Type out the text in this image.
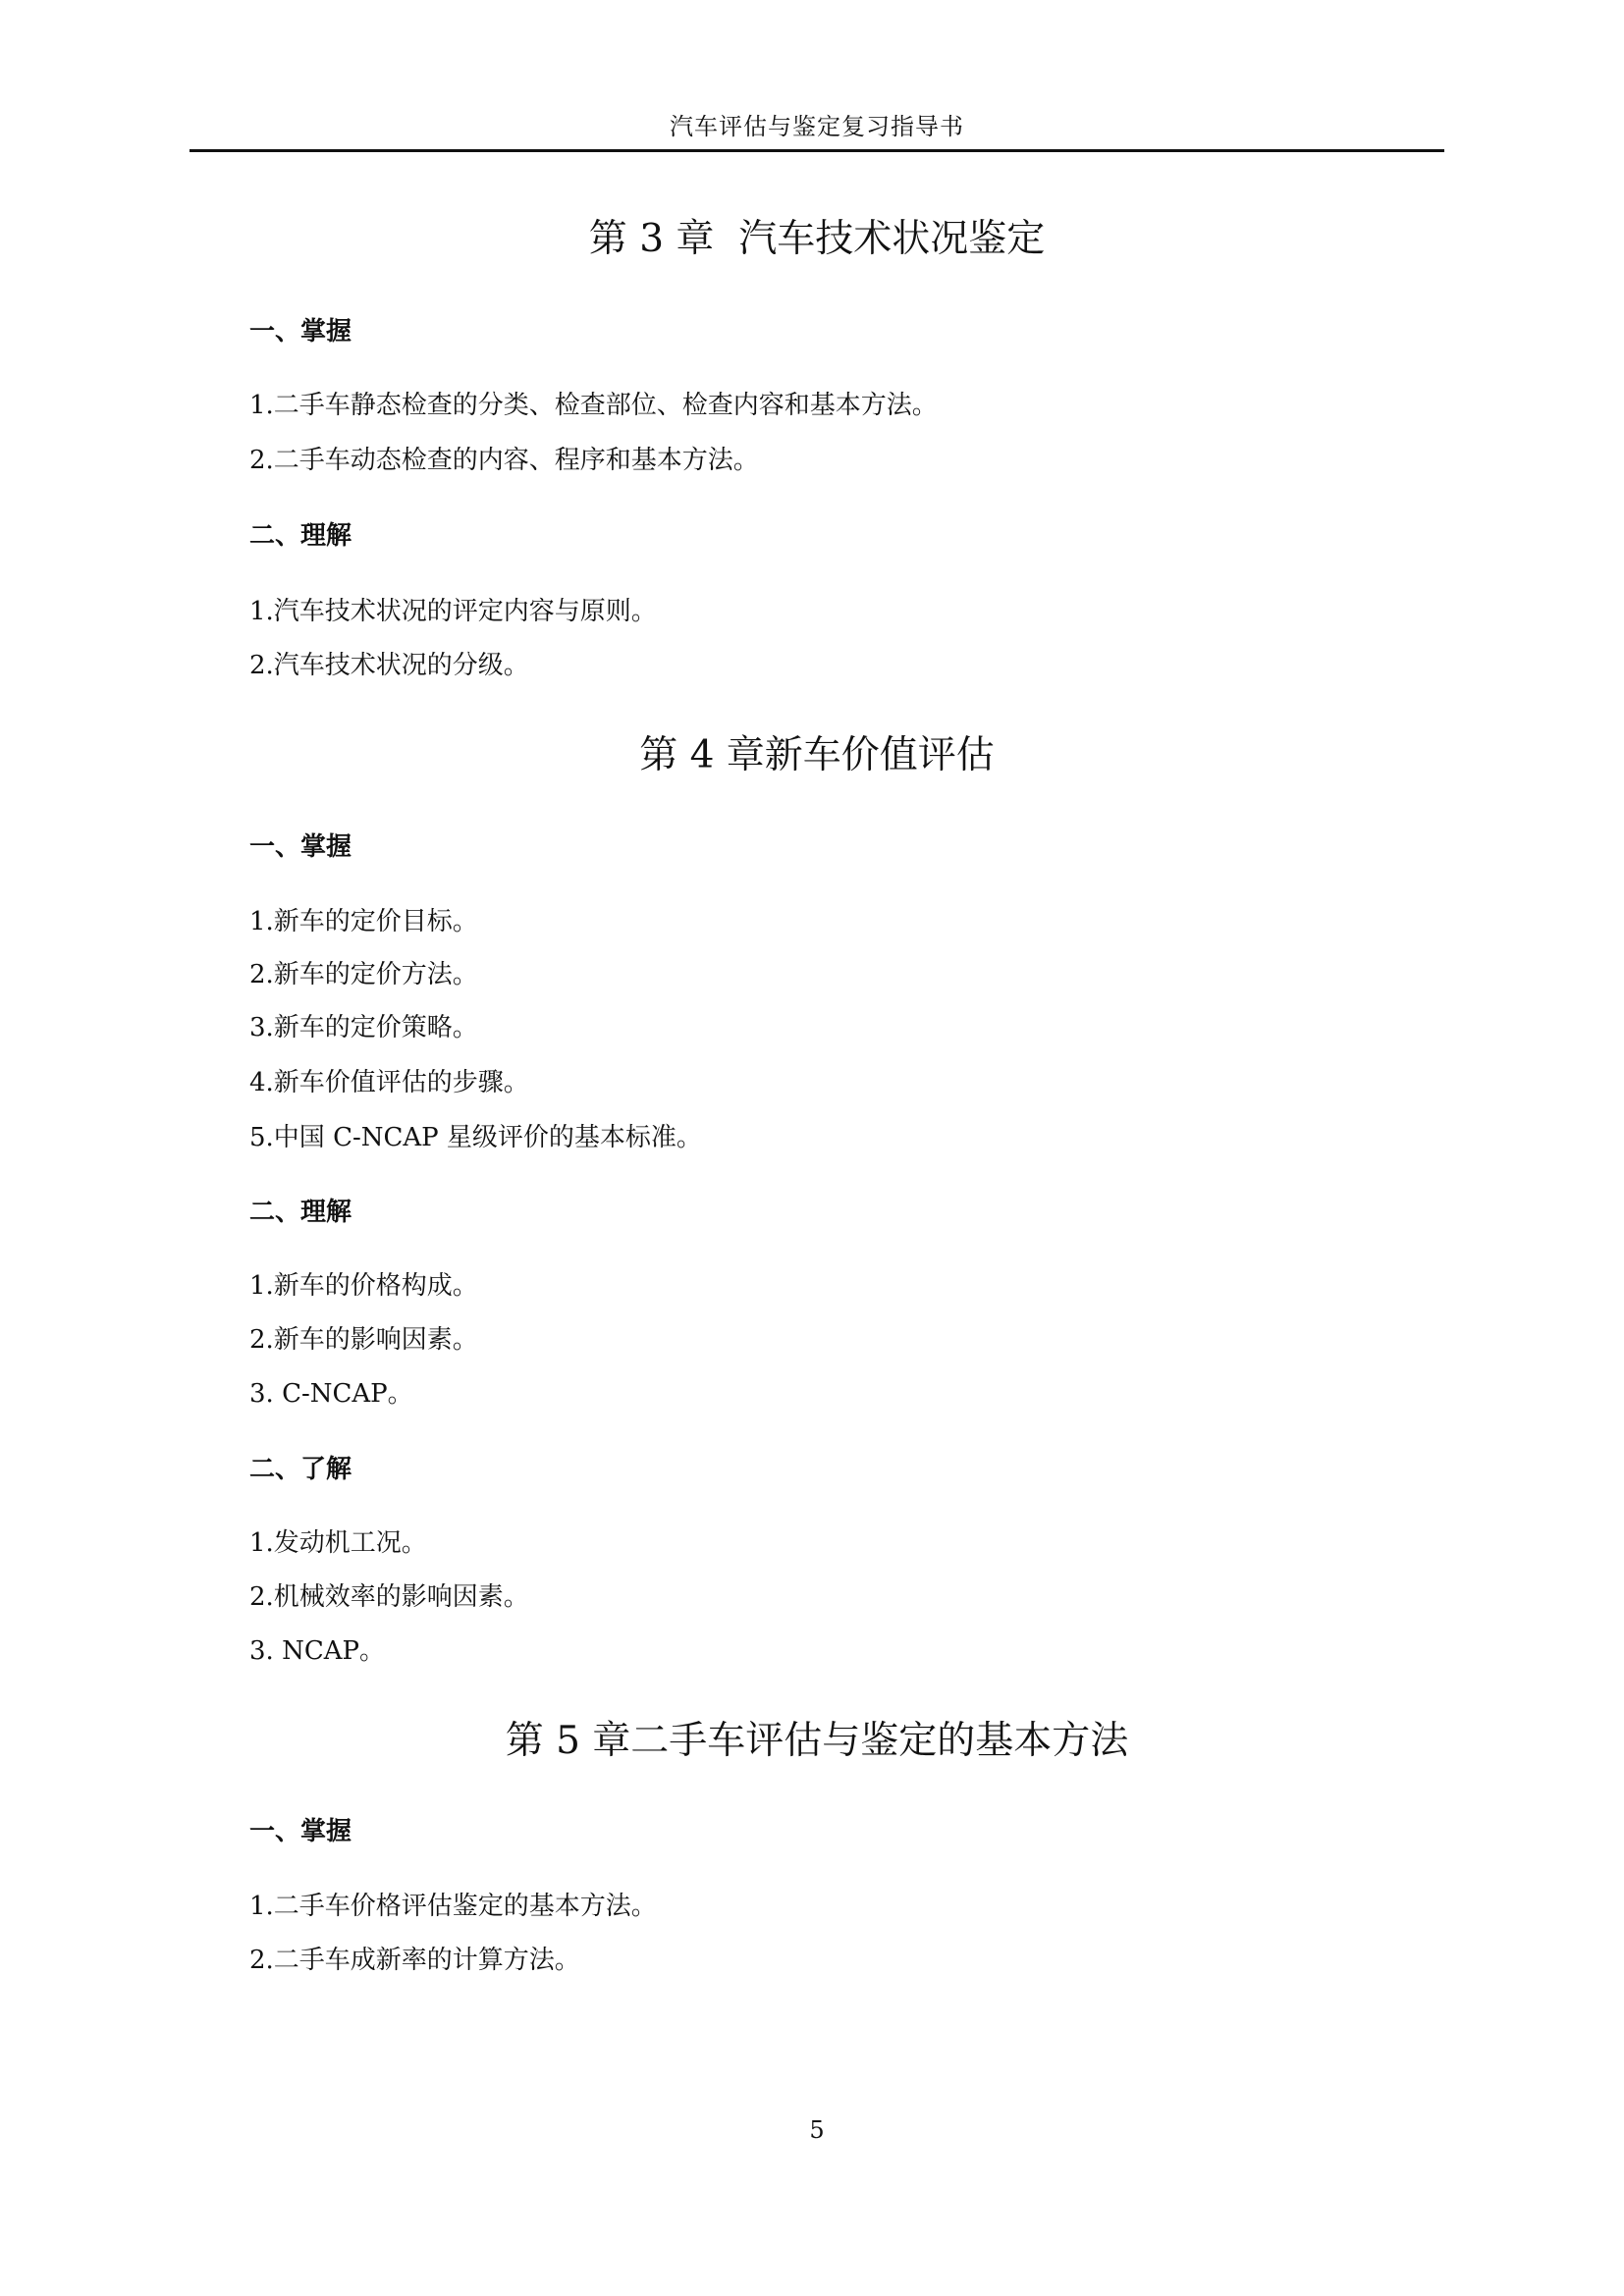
汽车评估与鉴定复习指导书
第 3 章  汽车技术状况鉴定
一、掌握
1.二手车静态检查的分类、检查部位、检查内容和基本方法。
2.二手车动态检查的内容、程序和基本方法。
二、理解
1.汽车技术状况的评定内容与原则。
2.汽车技术状况的分级。
第 4 章新车价值评估
一、掌握
1.新车的定价目标。
2.新车的定价方法。
3.新车的定价策略。
4.新车价值评估的步骤。
5.中国 C-NCAP 星级评价的基本标准。
二、理解
1.新车的价格构成。
2.新车的影响因素。
3. C-NCAP。
二、了解
1.发动机工况。
2.机械效率的影响因素。
3. NCAP。
第 5 章二手车评估与鉴定的基本方法
一、掌握
1.二手车价格评估鉴定的基本方法。
2.二手车成新率的计算方法。
5
